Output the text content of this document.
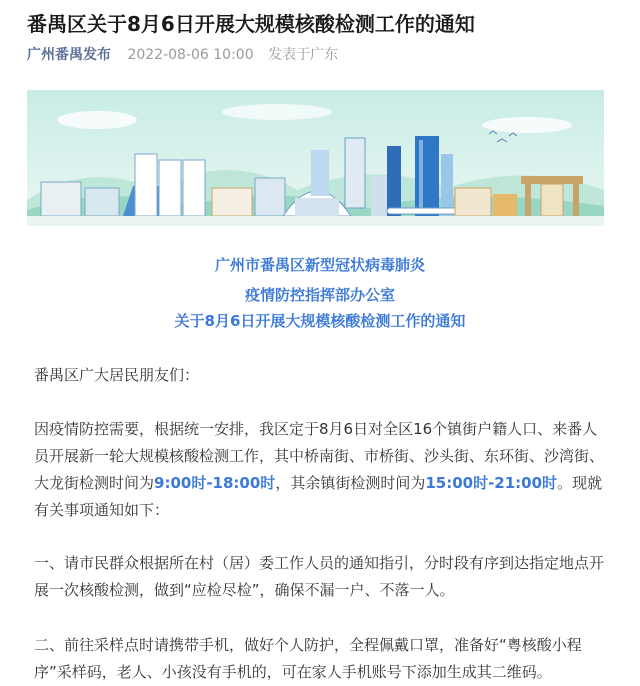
番禺区关于8月6日开展大规模核酸检测工作的通知
广州番禺发布 2022-08-06 10:00 发表于广东
广州市番禺区新型冠状病毒肺炎
疫情防控指挥部办公室
关于8月6日开展大规模核酸检测工作的通知
番禺区广大居民朋友们：
因疫情防控需要，根据统一安排，我区定于8月6日对全区16个镇街户籍人口、来番人员开展新一轮大规模核酸检测工作，其中桥南街、市桥街、沙头街、东环街、沙湾街、大龙街检测时间为9:00时-18:00时，其余镇街检测时间为15:00时-21:00时。现就有关事项通知如下：
一、请市民群众根据所在村（居）委工作人员的通知指引，分时段有序到达指定地点开展一次核酸检测，做到“应检尽检”，确保不漏一户、不落一人。
二、前往采样点时请携带手机，做好个人防护，全程佩戴口罩，准备好“粤核酸小程序”采样码，老人、小孩没有手机的，可在家人手机账号下添加生成其二维码。
